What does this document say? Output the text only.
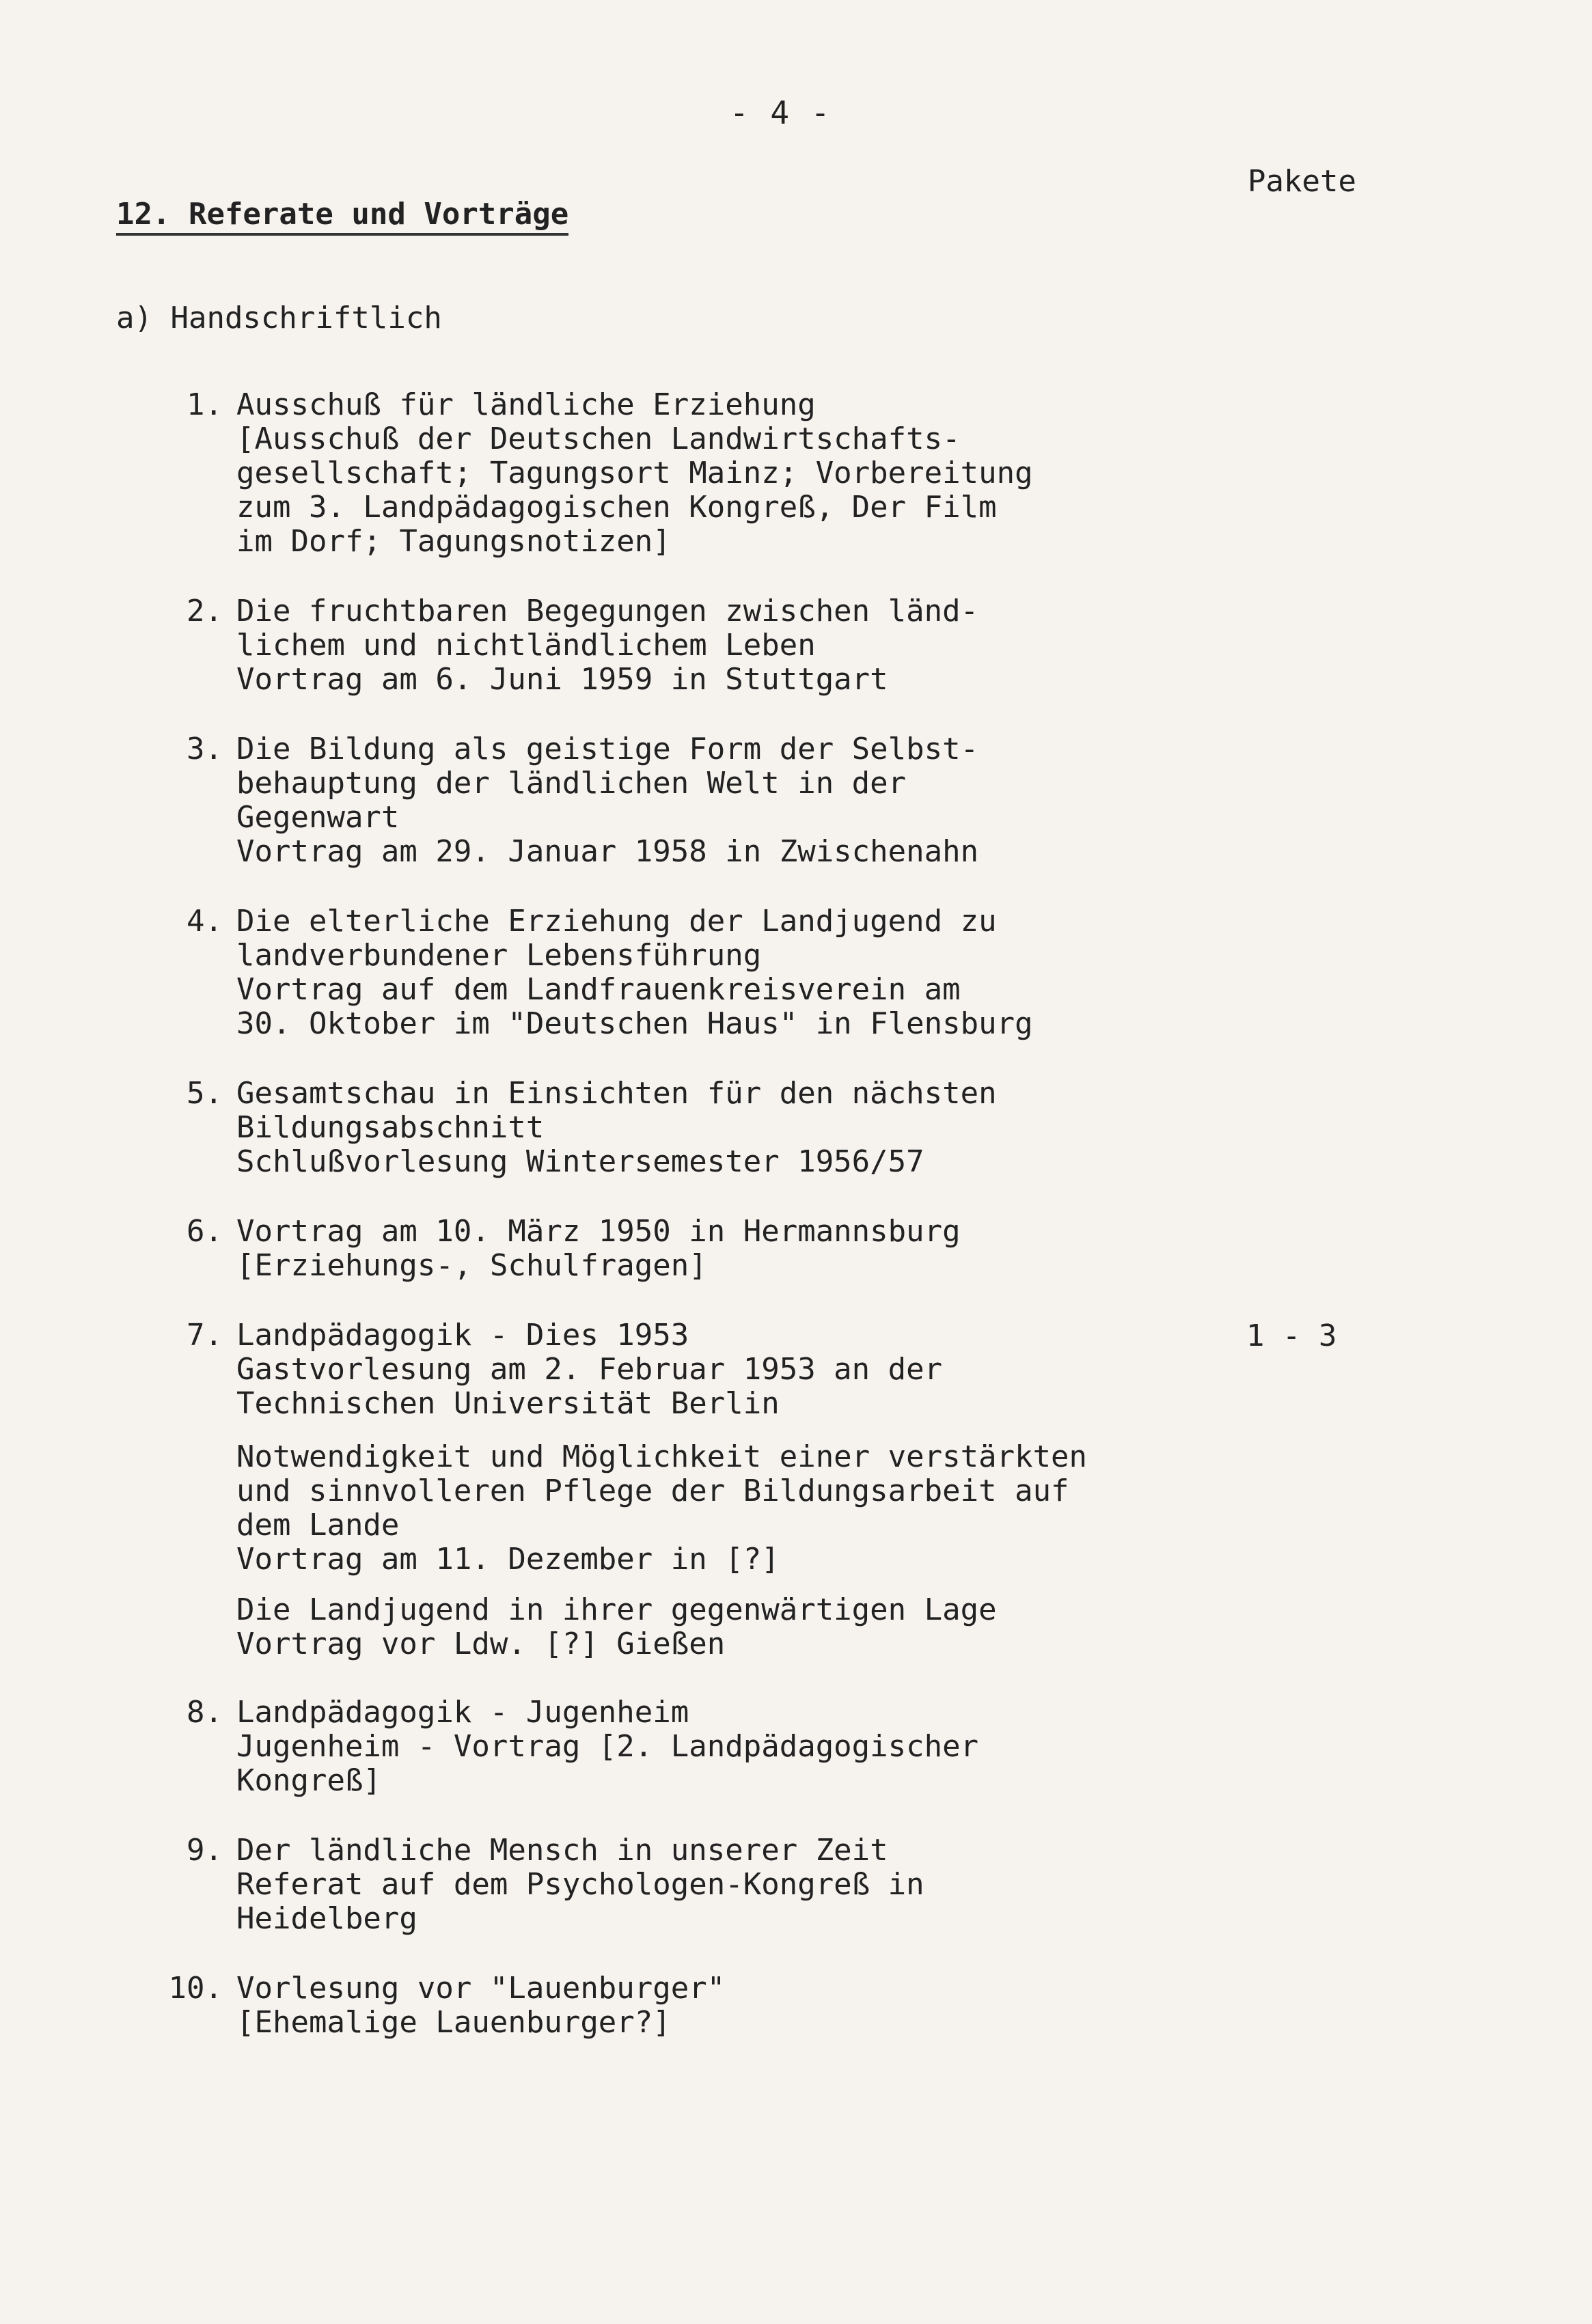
- 4 -
Pakete
12. Referate und Vorträge
a) Handschriftlich
1. Ausschuß für ländliche Erziehung
[Ausschuß der Deutschen Landwirtschafts-
gesellschaft; Tagungsort Mainz; Vorbereitung
zum 3. Landpädagogischen Kongreß, Der Film
im Dorf; Tagungsnotizen]
2. Die fruchtbaren Begegungen zwischen länd-
lichem und nichtländlichem Leben
Vortrag am 6. Juni 1959 in Stuttgart
3. Die Bildung als geistige Form der Selbst-
behauptung der ländlichen Welt in der
Gegenwart
Vortrag am 29. Januar 1958 in Zwischenahn
4. Die elterliche Erziehung der Landjugend zu
landverbundener Lebensführung
Vortrag auf dem Landfrauenkreisverein am
30. Oktober im "Deutschen Haus" in Flensburg
5. Gesamtschau in Einsichten für den nächsten
Bildungsabschnitt
Schlußvorlesung Wintersemester 1956/57
6. Vortrag am 10. März 1950 in Hermannsburg
[Erziehungs-, Schulfragen]
7. Landpädagogik - Dies 1953
Gastvorlesung am 2. Februar 1953 an der
Technischen Universität Berlin
Notwendigkeit und Möglichkeit einer verstärkten
und sinnvolleren Pflege der Bildungsarbeit auf
dem Lande
Vortrag am 11. Dezember in [?]
Die Landjugend in ihrer gegenwärtigen Lage
Vortrag vor Ldw. [?] Gießen
1 - 3
8. Landpädagogik - Jugenheim
Jugenheim - Vortrag [2. Landpädagogischer
Kongreß]
9. Der ländliche Mensch in unserer Zeit
Referat auf dem Psychologen-Kongreß in
Heidelberg
10. Vorlesung vor "Lauenburger"
[Ehemalige Lauenburger?]
